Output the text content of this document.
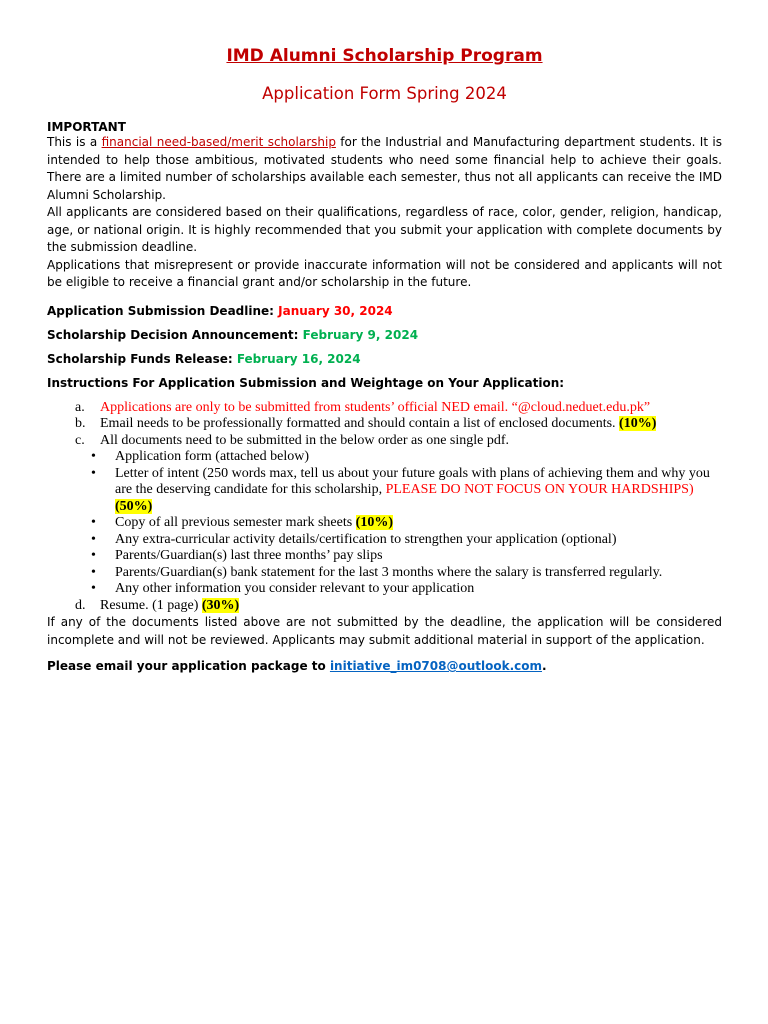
IMD Alumni Scholarship Program
Application Form Spring 2024
IMPORTANT

This is a financial need-based/merit scholarship for the Industrial and Manufacturing department students. It is intended to help those ambitious, motivated students who need some financial help to achieve their goals. There are a limited number of scholarships available each semester, thus not all applicants can receive the IMD Alumni Scholarship.

All applicants are considered based on their qualifications, regardless of race, color, gender, religion, handicap, age, or national origin. It is highly recommended that you submit your application with complete documents by the submission deadline.

Applications that misrepresent or provide inaccurate information will not be considered and applicants will not be eligible to receive a financial grant and/or scholarship in the future.

Application Submission Deadline: January 30, 2024

Scholarship Decision Announcement: February 9, 2024

Scholarship Funds Release: February 16, 2024

Instructions For Application Submission and Weightage on Your Application:
a. Applications are only to be submitted from students’ official NED email. “@cloud.neduet.edu.pk”
b. Email needs to be professionally formatted and should contain a list of enclosed documents. (10%)
c. All documents need to be submitted in the below order as one single pdf.
• Application form (attached below)
• Letter of intent (250 words max, tell us about your future goals with plans of achieving them and why you are the deserving candidate for this scholarship, PLEASE DO NOT FOCUS ON YOUR HARDSHIPS) (50%)
• Copy of all previous semester mark sheets (10%)
• Any extra-curricular activity details/certification to strengthen your application (optional)
• Parents/Guardian(s) last three months’ pay slips
• Parents/Guardian(s) bank statement for the last 3 months where the salary is transferred regularly.
• Any other information you consider relevant to your application
d. Resume. (1 page) (30%)

If any of the documents listed above are not submitted by the deadline, the application will be considered incomplete and will not be reviewed. Applicants may submit additional material in support of the application.

Please email your application package to initiative_im0708@outlook.com.
